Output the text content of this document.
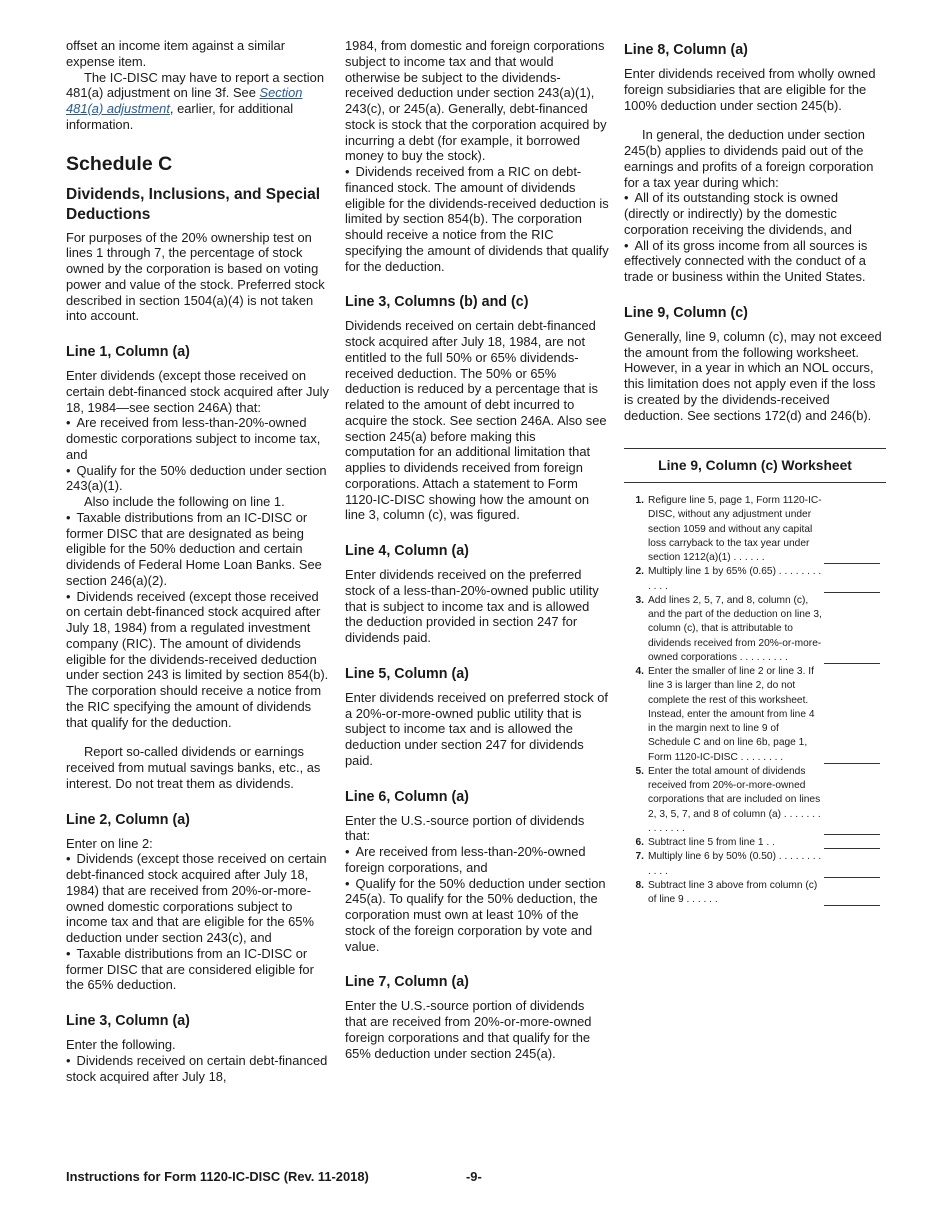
offset an income item against a similar expense item.

The IC-DISC may have to report a section 481(a) adjustment on line 3f. See Section 481(a) adjustment, earlier, for additional information.

Schedule C
Dividends, Inclusions, and Special Deductions

For purposes of the 20% ownership test on lines 1 through 7, the percentage of stock owned by the corporation is based on voting power and value of the stock. Preferred stock described in section 1504(a)(4) is not taken into account.

Line 1, Column (a)

Enter dividends (except those received on certain debt-financed stock acquired after July 18, 1984—see section 246A) that:

• Are received from less-than-20%-owned domestic corporations subject to income tax, and

• Qualify for the 50% deduction under section 243(a)(1).

Also include the following on line 1.

• Taxable distributions from an IC-DISC or former DISC that are designated as being eligible for the 50% deduction and certain dividends of Federal Home Loan Banks. See section 246(a)(2).

• Dividends received (except those received on certain debt-financed stock acquired after July 18, 1984) from a regulated investment company (RIC). The amount of dividends eligible for the dividends-received deduction under section 243 is limited by section 854(b). The corporation should receive a notice from the RIC specifying the amount of dividends that qualify for the deduction.

Report so-called dividends or earnings received from mutual savings banks, etc., as interest. Do not treat them as dividends.

Line 2, Column (a)

Enter on line 2:

• Dividends (except those received on certain debt-financed stock acquired after July 18, 1984) that are received from 20%-or-more-owned domestic corporations subject to income tax and that are eligible for the 65% deduction under section 243(c), and

• Taxable distributions from an IC-DISC or former DISC that are considered eligible for the 65% deduction.

Line 3, Column (a)

Enter the following.

• Dividends received on certain debt-financed stock acquired after July 18,

1984, from domestic and foreign corporations subject to income tax and that would otherwise be subject to the dividends-received deduction under section 243(a)(1), 243(c), or 245(a). Generally, debt-financed stock is stock that the corporation acquired by incurring a debt (for example, it borrowed money to buy the stock).

• Dividends received from a RIC on debt-financed stock. The amount of dividends eligible for the dividends-received deduction is limited by section 854(b). The corporation should receive a notice from the RIC specifying the amount of dividends that qualify for the deduction.

Line 3, Columns (b) and (c)

Dividends received on certain debt-financed stock acquired after July 18, 1984, are not entitled to the full 50% or 65% dividends-received deduction. The 50% or 65% deduction is reduced by a percentage that is related to the amount of debt incurred to acquire the stock. See section 246A. Also see section 245(a) before making this computation for an additional limitation that applies to dividends received from foreign corporations. Attach a statement to Form 1120-IC-DISC showing how the amount on line 3, column (c), was figured.

Line 4, Column (a)

Enter dividends received on the preferred stock of a less-than-20%-owned public utility that is subject to income tax and is allowed the deduction provided in section 247 for dividends paid.

Line 5, Column (a)

Enter dividends received on preferred stock of a 20%-or-more-owned public utility that is subject to income tax and is allowed the deduction under section 247 for dividends paid.

Line 6, Column (a)

Enter the U.S.-source portion of dividends that:

• Are received from less-than-20%-owned foreign corporations, and

• Qualify for the 50% deduction under section 245(a). To qualify for the 50% deduction, the corporation must own at least 10% of the stock of the foreign corporation by vote and value.

Line 7, Column (a)

Enter the U.S.-source portion of dividends that are received from 20%-or-more-owned foreign corporations and that qualify for the 65% deduction under section 245(a).

Line 8, Column (a)

Enter dividends received from wholly owned foreign subsidiaries that are eligible for the 100% deduction under section 245(b).

In general, the deduction under section 245(b) applies to dividends paid out of the earnings and profits of a foreign corporation for a tax year during which:

• All of its outstanding stock is owned (directly or indirectly) by the domestic corporation receiving the dividends, and

• All of its gross income from all sources is effectively connected with the conduct of a trade or business within the United States.

Line 9, Column (c)

Generally, line 9, column (c), may not exceed the amount from the following worksheet. However, in a year in which an NOL occurs, this limitation does not apply even if the loss is created by the dividends-received deduction. See sections 172(d) and 246(b).

Line 9, Column (c) Worksheet
1. Refigure line 5, page 1, Form 1120-IC-DISC, without any adjustment under section 1059 and without any capital loss carryback to the tax year under section 1212(a)(1) . . . . . .
2. Multiply line 1 by 65% (0.65) . . . . . . . . . . . .
3. Add lines 2, 5, 7, and 8, column (c), and the part of the deduction on line 3, column (c), that is attributable to dividends received from 20%-or-more-owned corporations . . . . . . . . .
4. Enter the smaller of line 2 or line 3. If line 3 is larger than line 2, do not complete the rest of this worksheet. Instead, enter the amount from line 4 in the margin next to line 9 of Schedule C and on line 6b, page 1, Form 1120-IC-DISC . . . . . . . .
5. Enter the total amount of dividends received from 20%-or-more-owned corporations that are included on lines 2, 3, 5, 7, and 8 of column (a) . . . . . . . . . . . . . .
6. Subtract line 5 from line 1 . .
7. Multiply line 6 by 50% (0.50) . . . . . . . . . . . .
8. Subtract line 3 above from column (c) of line 9 . . . . . .
Instructions for Form 1120-IC-DISC (Rev. 11-2018)	-9-
